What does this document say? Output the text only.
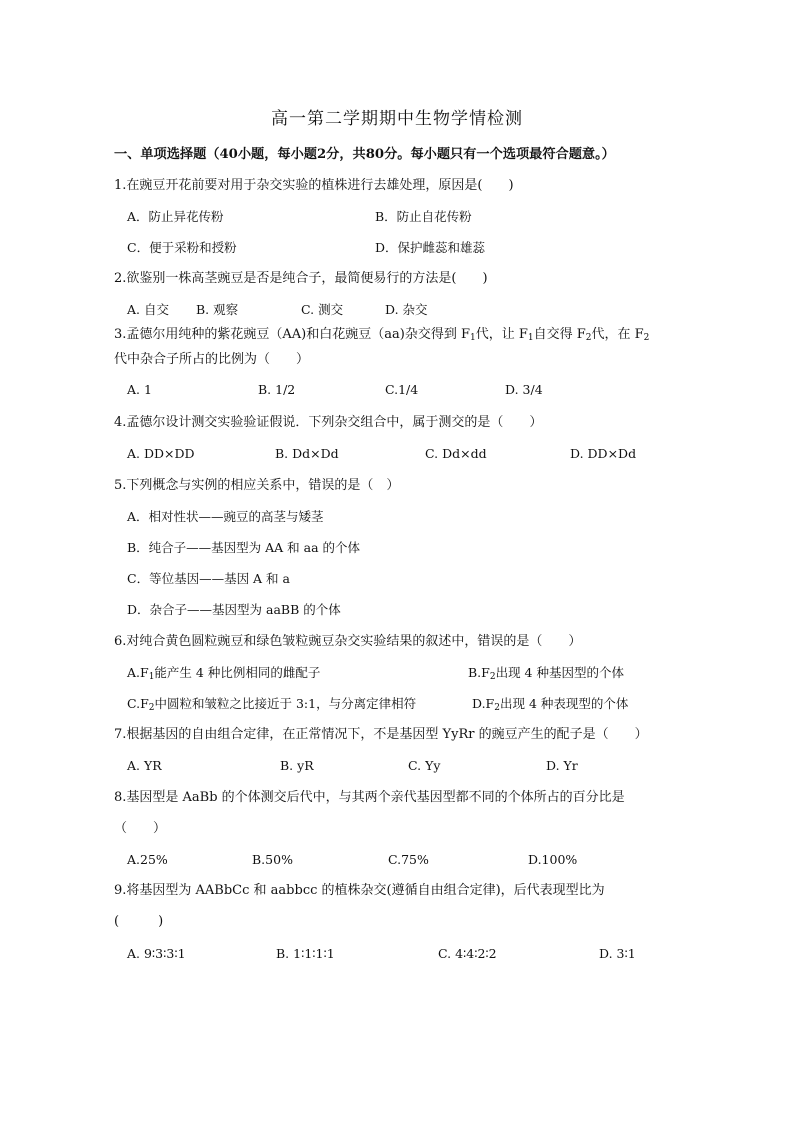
高一第二学期期中生物学情检测
一、单项选择题（40小题，每小题2分，共80分。每小题只有一个选项最符合题意。）
1.在豌豆开花前要对用于杂交实验的植株进行去雄处理，原因是(　　)
A．防止异花传粉	B．防止自花传粉
C．便于采粉和授粉	D．保护雌蕊和雄蕊
2.欲鉴别一株高茎豌豆是否是纯合子，最简便易行的方法是(　　)
A. 自交 B. 观察	C. 测交	D. 杂交
3.孟德尔用纯种的紫花豌豆（AA)和白花豌豆（aa)杂交得到 $F_1$代，让 $F_1$自交得 $F_2$代，在 $F_2$
代中杂合子所占的比例为（　　）
A. 1	B. 1/2	C.1/4	D. 3/4
4.孟德尔设计测交实验验证假说．下列杂交组合中，属于测交的是（　　）
A. DD×DD	B. Dd×Dd	C. Dd×dd	D. DD×Dd
5.下列概念与实例的相应关系中，错误的是（　）
A．相对性状——豌豆的高茎与矮茎
B．纯合子——基因型为 AA 和 aa 的个体
C．等位基因——基因 A 和 a
D．杂合子——基因型为 aaBB 的个体
6.对纯合黄色圆粒豌豆和绿色皱粒豌豆杂交实验结果的叙述中，错误的是（　　）
$A.F_1$能产生 4 种比例相同的雌配子	$B.F_2$出现 4 种基因型的个体
$C.F_2$中圆粒和皱粒之比接近于 3:1，与分离定律相符	$D.F_2$出现 4 种表现型的个体
7.根据基因的自由组合定律，在正常情况下，不是基因型 YyRr 的豌豆产生的配子是（　　）
A. YR	B. yR	C. Yy	D. Yr
8.基因型是 AaBb 的个体测交后代中，与其两个亲代基因型都不同的个体所占的百分比是
（　　）
A.25%	B.50%	C.75%	D.100%
9.将基因型为 AABbCc 和 aabbcc 的植株杂交(遵循自由组合定律)，后代表现型比为
(　　　)
A. 9∶3∶3∶1	B. 1∶1∶1∶1	C. 4∶4∶2∶2	D. 3∶1
